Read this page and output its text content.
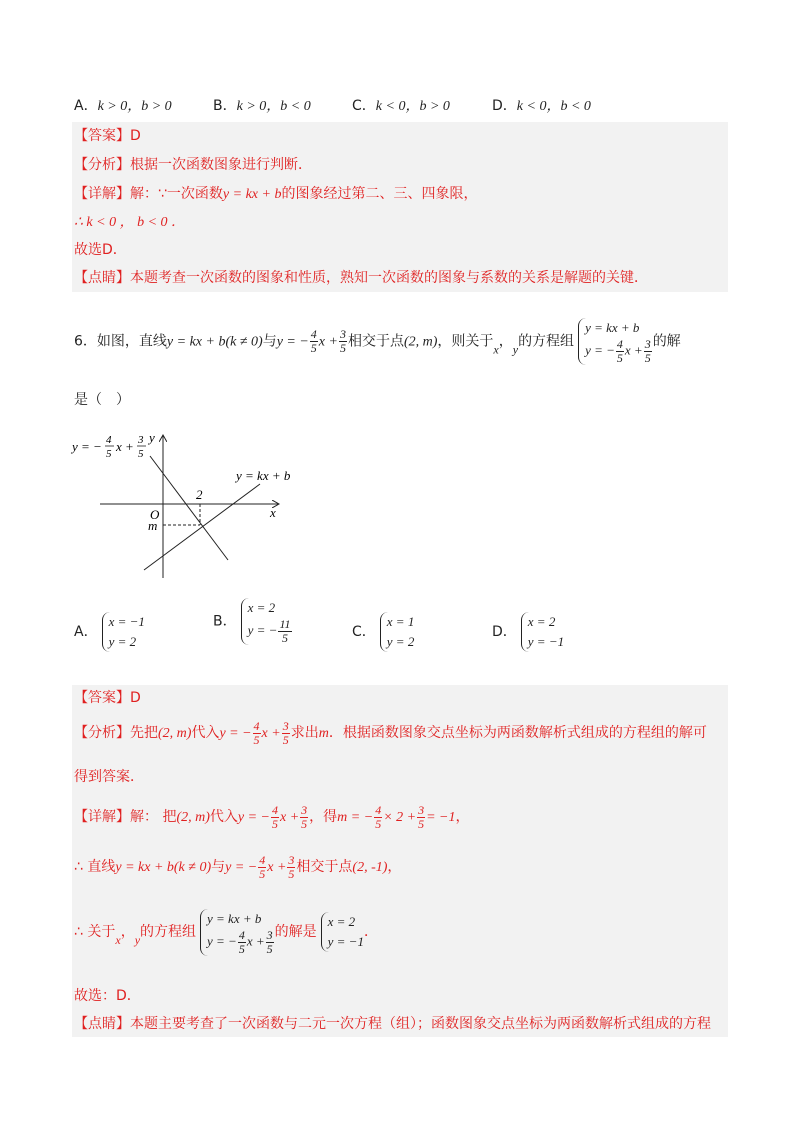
A．k > 0，b > 0	B．k > 0，b < 0	C．k < 0，b > 0	D．k < 0，b < 0
【答案】D
【分析】根据一次函数图象进行判断．
【详解】解：∵一次函数y = kx + b的图象经过第二、三、四象限，
∴ k < 0 ， b < 0 ．
故选D．
【点睛】本题考查一次函数的图象和性质，熟知一次函数的图象与系数的关系是解题的关键．
6．如图，直线y = kx + b(k ≠ 0)与y = − $\frac{4}{5}$ $x + \frac{3}{5}$ 相交于点(2, m)，则关于x，y的方程组
y = kx + b
y = − $\frac{4}{5}$ $x + \frac{3}{5}$ 的解
是（　）
y = − 4
5 x + 3
5
y
y = kx + b
x
O
2
m
A．
x = −1
y = 2
B．
x = 2
y = − $\frac{11}{5}$	C．
x = 1
y = 2
D．
x = 2
y = −1
【答案】D
【分析】先把(2, m)代入y = − $\frac{4}{5}$ $x + \frac{3}{5}$ 求出m．根据函数图象交点坐标为两函数解析式组成的方程组的解可
得到答案．
【详解】解： 把(2, m)代入y = − $\frac{4}{5}$ $x + \frac{3}{5}$ ，得m = − $\frac{4}{5} \times 2 + \frac{3}{5} = -1$，
∴ 直线y = kx + b(k ≠ 0)与y = − $\frac{4}{5}$ $x + \frac{3}{5}$ 相交于点(2, -1)，
∴ 关于x，y的方程组
y = kx + b
y = − $\frac{4}{5}$ $x + \frac{3}{5}$ 的解是
x = 2
y = −1
．
故选：D．
【点睛】本题主要考查了一次函数与二元一次方程（组）；函数图象交点坐标为两函数解析式组成的方程
